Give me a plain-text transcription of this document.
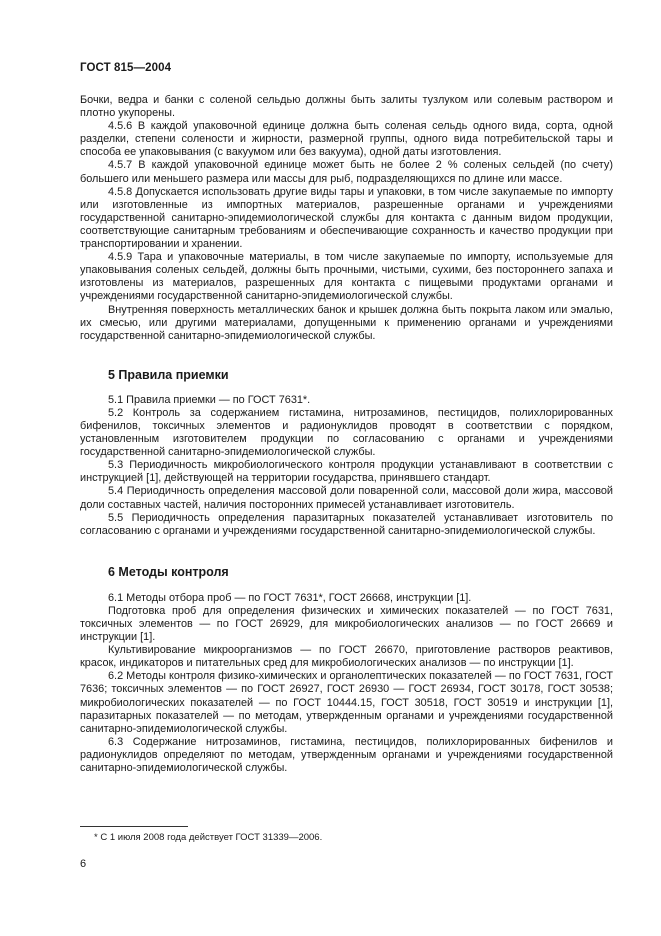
ГОСТ 815—2004

Бочки, ведра и банки с соленой сельдью должны быть залиты тузлуком или солевым раствором и плотно укупорены.

4.5.6 В каждой упаковочной единице должна быть соленая сельдь одного вида, сорта, одной разделки, степени солености и жирности, размерной группы, одного вида потребительской тары и способа ее упаковывания (с вакуумом или без вакуума), одной даты изготовления.

4.5.7 В каждой упаковочной единице может быть не более 2 % соленых сельдей (по счету) большего или меньшего размера или массы для рыб, подразделяющихся по длине или массе.

4.5.8 Допускается использовать другие виды тары и упаковки, в том числе закупаемые по импорту или изготовленные из импортных материалов, разрешенные органами и учреждениями государственной санитарно-эпидемиологической службы для контакта с данным видом продукции, соответствующие санитарным требованиям и обеспечивающие сохранность и качество продукции при транспортировании и хранении.

4.5.9 Тара и упаковочные материалы, в том числе закупаемые по импорту, используемые для упаковывания соленых сельдей, должны быть прочными, чистыми, сухими, без постороннего запаха и изготовлены из материалов, разрешенных для контакта с пищевыми продуктами органами и учреждениями государственной санитарно-эпидемиологической службы.

Внутренняя поверхность металлических банок и крышек должна быть покрыта лаком или эмалью, их смесью, или другими материалами, допущенными к применению органами и учреждениями государственной санитарно-эпидемиологической службы.

5 Правила приемки

5.1 Правила приемки — по ГОСТ 7631*.

5.2 Контроль за содержанием гистамина, нитрозаминов, пестицидов, полихлорированных бифенилов, токсичных элементов и радионуклидов проводят в соответствии с порядком, установленным изготовителем продукции по согласованию с органами и учреждениями государственной санитарно-эпидемиологической службы.

5.3 Периодичность микробиологического контроля продукции устанавливают в соответствии с инструкцией [1], действующей на территории государства, принявшего стандарт.

5.4 Периодичность определения массовой доли поваренной соли, массовой доли жира, массовой доли составных частей, наличия посторонних примесей устанавливает изготовитель.

5.5 Периодичность определения паразитарных показателей устанавливает изготовитель по согласованию с органами и учреждениями государственной санитарно-эпидемиологической службы.

6 Методы контроля

6.1 Методы отбора проб — по ГОСТ 7631*, ГОСТ 26668, инструкции [1].

Подготовка проб для определения физических и химических показателей — по ГОСТ 7631, токсичных элементов — по ГОСТ 26929, для микробиологических анализов — по ГОСТ 26669 и инструкции [1].

Культивирование микроорганизмов — по ГОСТ 26670, приготовление растворов реактивов, красок, индикаторов и питательных сред для микробиологических анализов — по инструкции [1].

6.2 Методы контроля физико-химических и органолептических показателей — по ГОСТ 7631, ГОСТ 7636; токсичных элементов — по ГОСТ 26927, ГОСТ 26930 — ГОСТ 26934, ГОСТ 30178, ГОСТ 30538; микробиологических показателей — по ГОСТ 10444.15, ГОСТ 30518, ГОСТ 30519 и инструкции [1], паразитарных показателей — по методам, утвержденным органами и учреждениями государственной санитарно-эпидемиологической службы.

6.3 Содержание нитрозаминов, гистамина, пестицидов, полихлорированных бифенилов и радионуклидов определяют по методам, утвержденным органами и учреждениями государственной санитарно-эпидемиологической службы.

* С 1 июля 2008 года действует ГОСТ 31339—2006.
6
